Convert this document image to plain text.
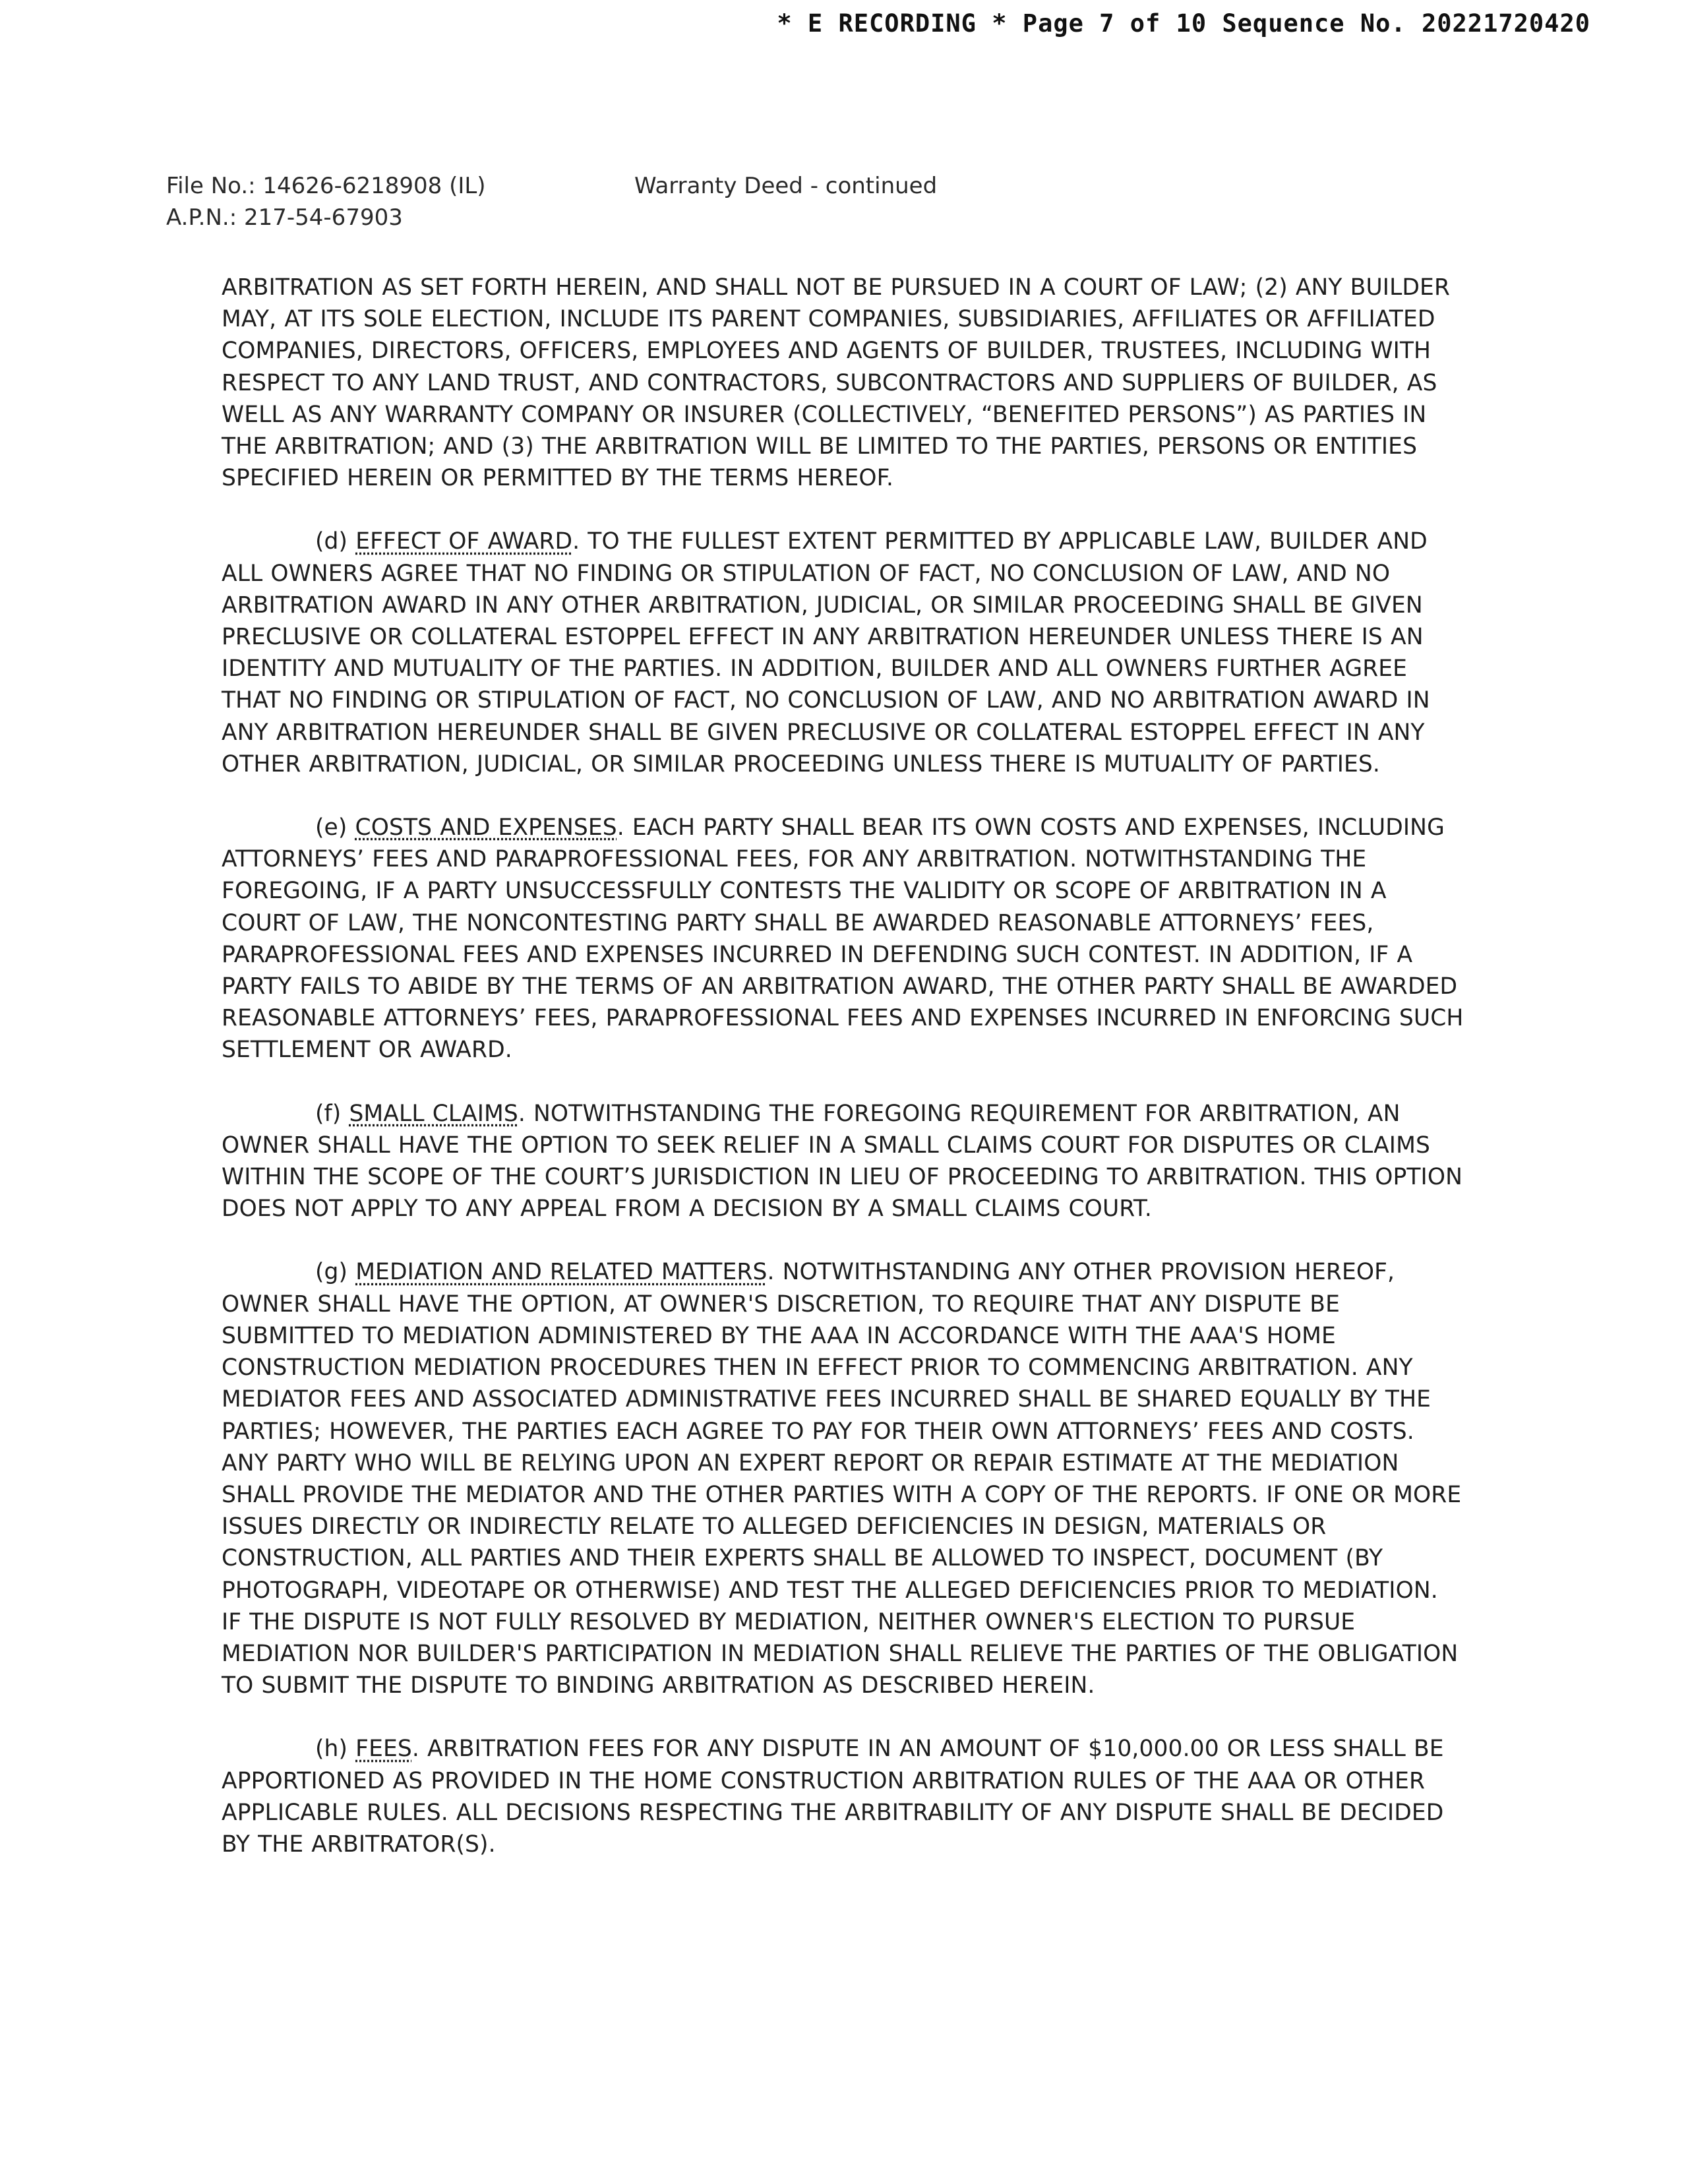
* E RECORDING * Page 7 of 10 Sequence No. 20221720420
File No.: 14626-6218908 (IL)
A.P.N.: 217-54-67903
Warranty Deed - continued

ARBITRATION AS SET FORTH HEREIN, AND SHALL NOT BE PURSUED IN A COURT OF LAW; (2) ANY BUILDER MAY, AT ITS SOLE ELECTION, INCLUDE ITS PARENT COMPANIES, SUBSIDIARIES, AFFILIATES OR AFFILIATED COMPANIES, DIRECTORS, OFFICERS, EMPLOYEES AND AGENTS OF BUILDER, TRUSTEES, INCLUDING WITH RESPECT TO ANY LAND TRUST, AND CONTRACTORS, SUBCONTRACTORS AND SUPPLIERS OF BUILDER, AS WELL AS ANY WARRANTY COMPANY OR INSURER (COLLECTIVELY, “BENEFITED PERSONS”) AS PARTIES IN THE ARBITRATION; AND (3) THE ARBITRATION WILL BE LIMITED TO THE PARTIES, PERSONS OR ENTITIES SPECIFIED HEREIN OR PERMITTED BY THE TERMS HEREOF.

(d) EFFECT OF AWARD. TO THE FULLEST EXTENT PERMITTED BY APPLICABLE LAW, BUILDER AND ALL OWNERS AGREE THAT NO FINDING OR STIPULATION OF FACT, NO CONCLUSION OF LAW, AND NO ARBITRATION AWARD IN ANY OTHER ARBITRATION, JUDICIAL, OR SIMILAR PROCEEDING SHALL BE GIVEN PRECLUSIVE OR COLLATERAL ESTOPPEL EFFECT IN ANY ARBITRATION HEREUNDER UNLESS THERE IS AN IDENTITY AND MUTUALITY OF THE PARTIES. IN ADDITION, BUILDER AND ALL OWNERS FURTHER AGREE THAT NO FINDING OR STIPULATION OF FACT, NO CONCLUSION OF LAW, AND NO ARBITRATION AWARD IN ANY ARBITRATION HEREUNDER SHALL BE GIVEN PRECLUSIVE OR COLLATERAL ESTOPPEL EFFECT IN ANY OTHER ARBITRATION, JUDICIAL, OR SIMILAR PROCEEDING UNLESS THERE IS MUTUALITY OF PARTIES.

(e) COSTS AND EXPENSES. EACH PARTY SHALL BEAR ITS OWN COSTS AND EXPENSES, INCLUDING ATTORNEYS’ FEES AND PARAPROFESSIONAL FEES, FOR ANY ARBITRATION. NOTWITHSTANDING THE FOREGOING, IF A PARTY UNSUCCESSFULLY CONTESTS THE VALIDITY OR SCOPE OF ARBITRATION IN A COURT OF LAW, THE NONCONTESTING PARTY SHALL BE AWARDED REASONABLE ATTORNEYS’ FEES, PARAPROFESSIONAL FEES AND EXPENSES INCURRED IN DEFENDING SUCH CONTEST. IN ADDITION, IF A PARTY FAILS TO ABIDE BY THE TERMS OF AN ARBITRATION AWARD, THE OTHER PARTY SHALL BE AWARDED REASONABLE ATTORNEYS’ FEES, PARAPROFESSIONAL FEES AND EXPENSES INCURRED IN ENFORCING SUCH SETTLEMENT OR AWARD.

(f) SMALL CLAIMS. NOTWITHSTANDING THE FOREGOING REQUIREMENT FOR ARBITRATION, AN OWNER SHALL HAVE THE OPTION TO SEEK RELIEF IN A SMALL CLAIMS COURT FOR DISPUTES OR CLAIMS WITHIN THE SCOPE OF THE COURT’S JURISDICTION IN LIEU OF PROCEEDING TO ARBITRATION. THIS OPTION DOES NOT APPLY TO ANY APPEAL FROM A DECISION BY A SMALL CLAIMS COURT.

(g) MEDIATION AND RELATED MATTERS. NOTWITHSTANDING ANY OTHER PROVISION HEREOF, OWNER SHALL HAVE THE OPTION, AT OWNER'S DISCRETION, TO REQUIRE THAT ANY DISPUTE BE SUBMITTED TO MEDIATION ADMINISTERED BY THE AAA IN ACCORDANCE WITH THE AAA'S HOME CONSTRUCTION MEDIATION PROCEDURES THEN IN EFFECT PRIOR TO COMMENCING ARBITRATION. ANY MEDIATOR FEES AND ASSOCIATED ADMINISTRATIVE FEES INCURRED SHALL BE SHARED EQUALLY BY THE PARTIES; HOWEVER, THE PARTIES EACH AGREE TO PAY FOR THEIR OWN ATTORNEYS’ FEES AND COSTS. ANY PARTY WHO WILL BE RELYING UPON AN EXPERT REPORT OR REPAIR ESTIMATE AT THE MEDIATION SHALL PROVIDE THE MEDIATOR AND THE OTHER PARTIES WITH A COPY OF THE REPORTS. IF ONE OR MORE ISSUES DIRECTLY OR INDIRECTLY RELATE TO ALLEGED DEFICIENCIES IN DESIGN, MATERIALS OR CONSTRUCTION, ALL PARTIES AND THEIR EXPERTS SHALL BE ALLOWED TO INSPECT, DOCUMENT (BY PHOTOGRAPH, VIDEOTAPE OR OTHERWISE) AND TEST THE ALLEGED DEFICIENCIES PRIOR TO MEDIATION. IF THE DISPUTE IS NOT FULLY RESOLVED BY MEDIATION, NEITHER OWNER'S ELECTION TO PURSUE MEDIATION NOR BUILDER'S PARTICIPATION IN MEDIATION SHALL RELIEVE THE PARTIES OF THE OBLIGATION TO SUBMIT THE DISPUTE TO BINDING ARBITRATION AS DESCRIBED HEREIN.

(h) FEES. ARBITRATION FEES FOR ANY DISPUTE IN AN AMOUNT OF $10,000.00 OR LESS SHALL BE APPORTIONED AS PROVIDED IN THE HOME CONSTRUCTION ARBITRATION RULES OF THE AAA OR OTHER APPLICABLE RULES. ALL DECISIONS RESPECTING THE ARBITRABILITY OF ANY DISPUTE SHALL BE DECIDED BY THE ARBITRATOR(S).
